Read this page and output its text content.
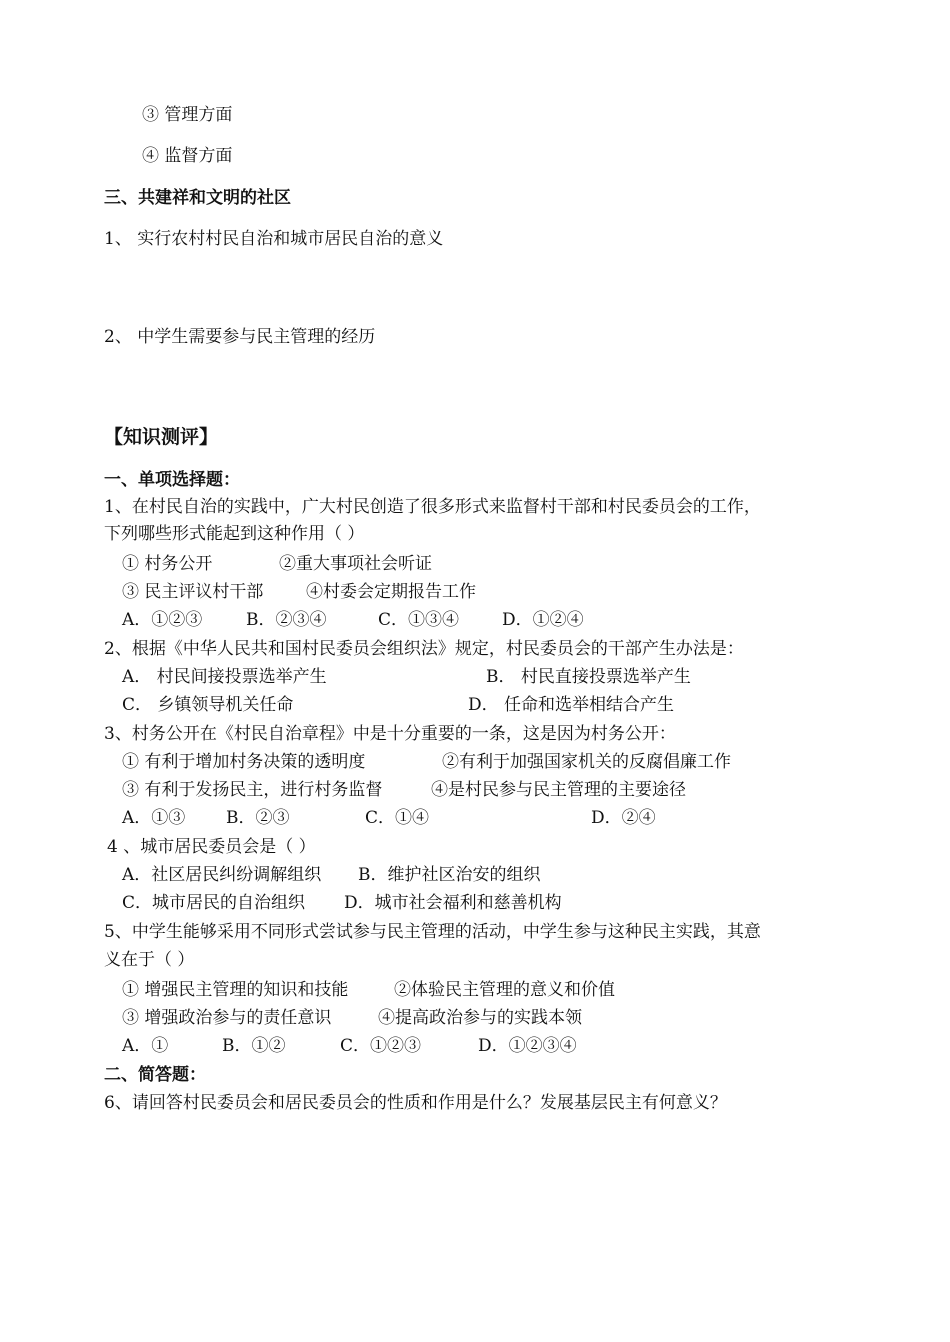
③ 管理方面
④ 监督方面
三、共建祥和文明的社区
1、 实行农村村民自治和城市居民自治的意义
2、 中学生需要参与民主管理的经历
【知识测评】
一、单项选择题：
1、在村民自治的实践中，广大村民创造了很多形式来监督村干部和村民委员会的工作，
下列哪些形式能起到这种作用（ ）
① 村务公开	②重大事项社会听证
③ 民主评议村干部	④村委会定期报告工作
A．①②③	B．②③④	C．①③④	D．①②④
2、根据《中华人民共和国村民委员会组织法》规定，村民委员会的干部产生办法是：
A． 村民间接投票选举产生	B． 村民直接投票选举产生
C． 乡镇领导机关任命	D． 任命和选举相结合产生
3、村务公开在《村民自治章程》中是十分重要的一条，这是因为村务公开：
① 有利于增加村务决策的透明度	②有利于加强国家机关的反腐倡廉工作
③ 有利于发扬民主，进行村务监督	④是村民参与民主管理的主要途径
A．①③ B．②③	C．①④	D．②④
4 、城市居民委员会是（ ）
A．社区居民纠纷调解组织 B．维护社区治安的组织
C．城市居民的自治组织 D．城市社会福利和慈善机构
5、中学生能够采用不同形式尝试参与民主管理的活动，中学生参与这种民主实践，其意
义在于（ ）
① 增强民主管理的知识和技能	②体验民主管理的意义和价值
③ 增强政治参与的责任意识	④提高政治参与的实践本领
A．①	B．①②	C．①②③	D．①②③④
二、简答题：
6、请回答村民委员会和居民委员会的性质和作用是什么？发展基层民主有何意义？
